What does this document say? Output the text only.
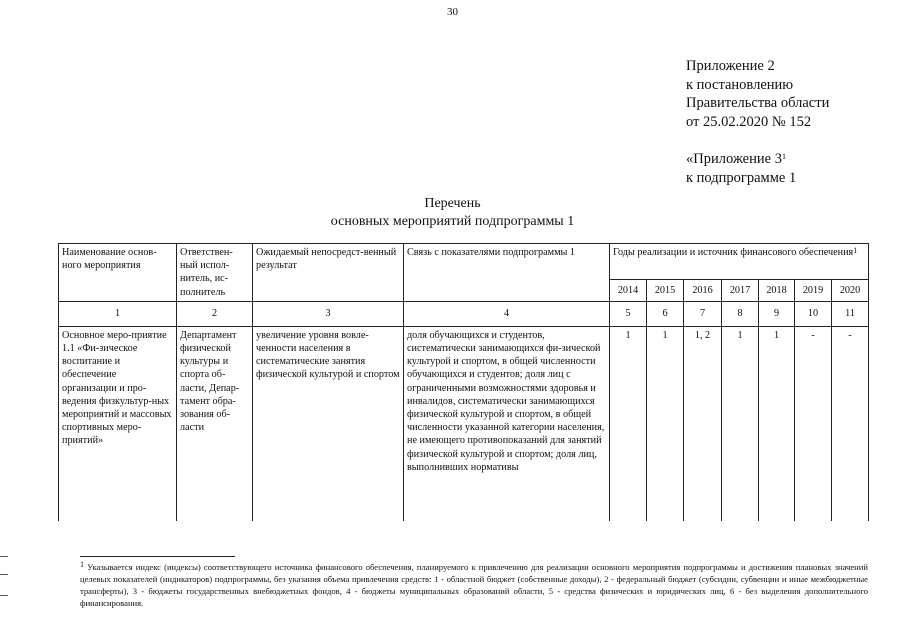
30
Приложение 2
к постановлению
Правительства области
от 25.02.2020 № 152
«Приложение $3^1$
к подпрограмме 1
Перечень
основных мероприятий подпрограммы 1
Наименование основ-ного мероприятия	Ответствен-ный испол-нитель, ис-полнитель	Ожидаемый непосредст-венный результат	Связь с показателями подпрограммы 1	Годы реализации и источник финансового обеспечения$^1$
				2014	2015	2016	2017	2018	2019	2020
1	2	3	4	5	6	7	8	9	10	11
Основное меро-приятие 1.1 «Фи-зическое воспитание и обеспечение организации и про-ведения физкультур-ных мероприятий и массовых спортивных меро-приятий»	Департамент физической культуры и спорта об-ласти, Депар-тамент обра-зования об-ласти	увеличение уровня вовле-ченности населения в систематические занятия физической культурой и спортом	доля обучающихся и студентов, систематически занимающихся фи-зической культурой и спортом, в общей численности обучающихся и студентов; доля лиц с ограниченными возможностями здоровья и инвалидов, систематически занимающихся физической культурой и спортом, в общей численности указанной категории населения, не имеющего противопоказаний для занятий физической культурой и спортом; доля лиц, выполнивших нормативы	1	1	1, 2	1	1	-	-
$^1$ Указывается индекс (индексы) соответствующего источника финансового обеспечения, планируемого к привлечению для реализации основного мероприятия подпрограммы и достижения плановых значений целевых показателей (индикаторов) подпрограммы, без указания объема привлечения средств: 1 - областной бюджет (собственные доходы), 2 - федеральный бюджет (субсидии, субвенции и иные межбюджетные трансферты), 3 - бюджеты государственных внебюджетных фондов, 4 - бюджеты муниципальных образований области, 5 - средства физических и юридических лиц, 6 - без выделения дополнительного финансирования.
